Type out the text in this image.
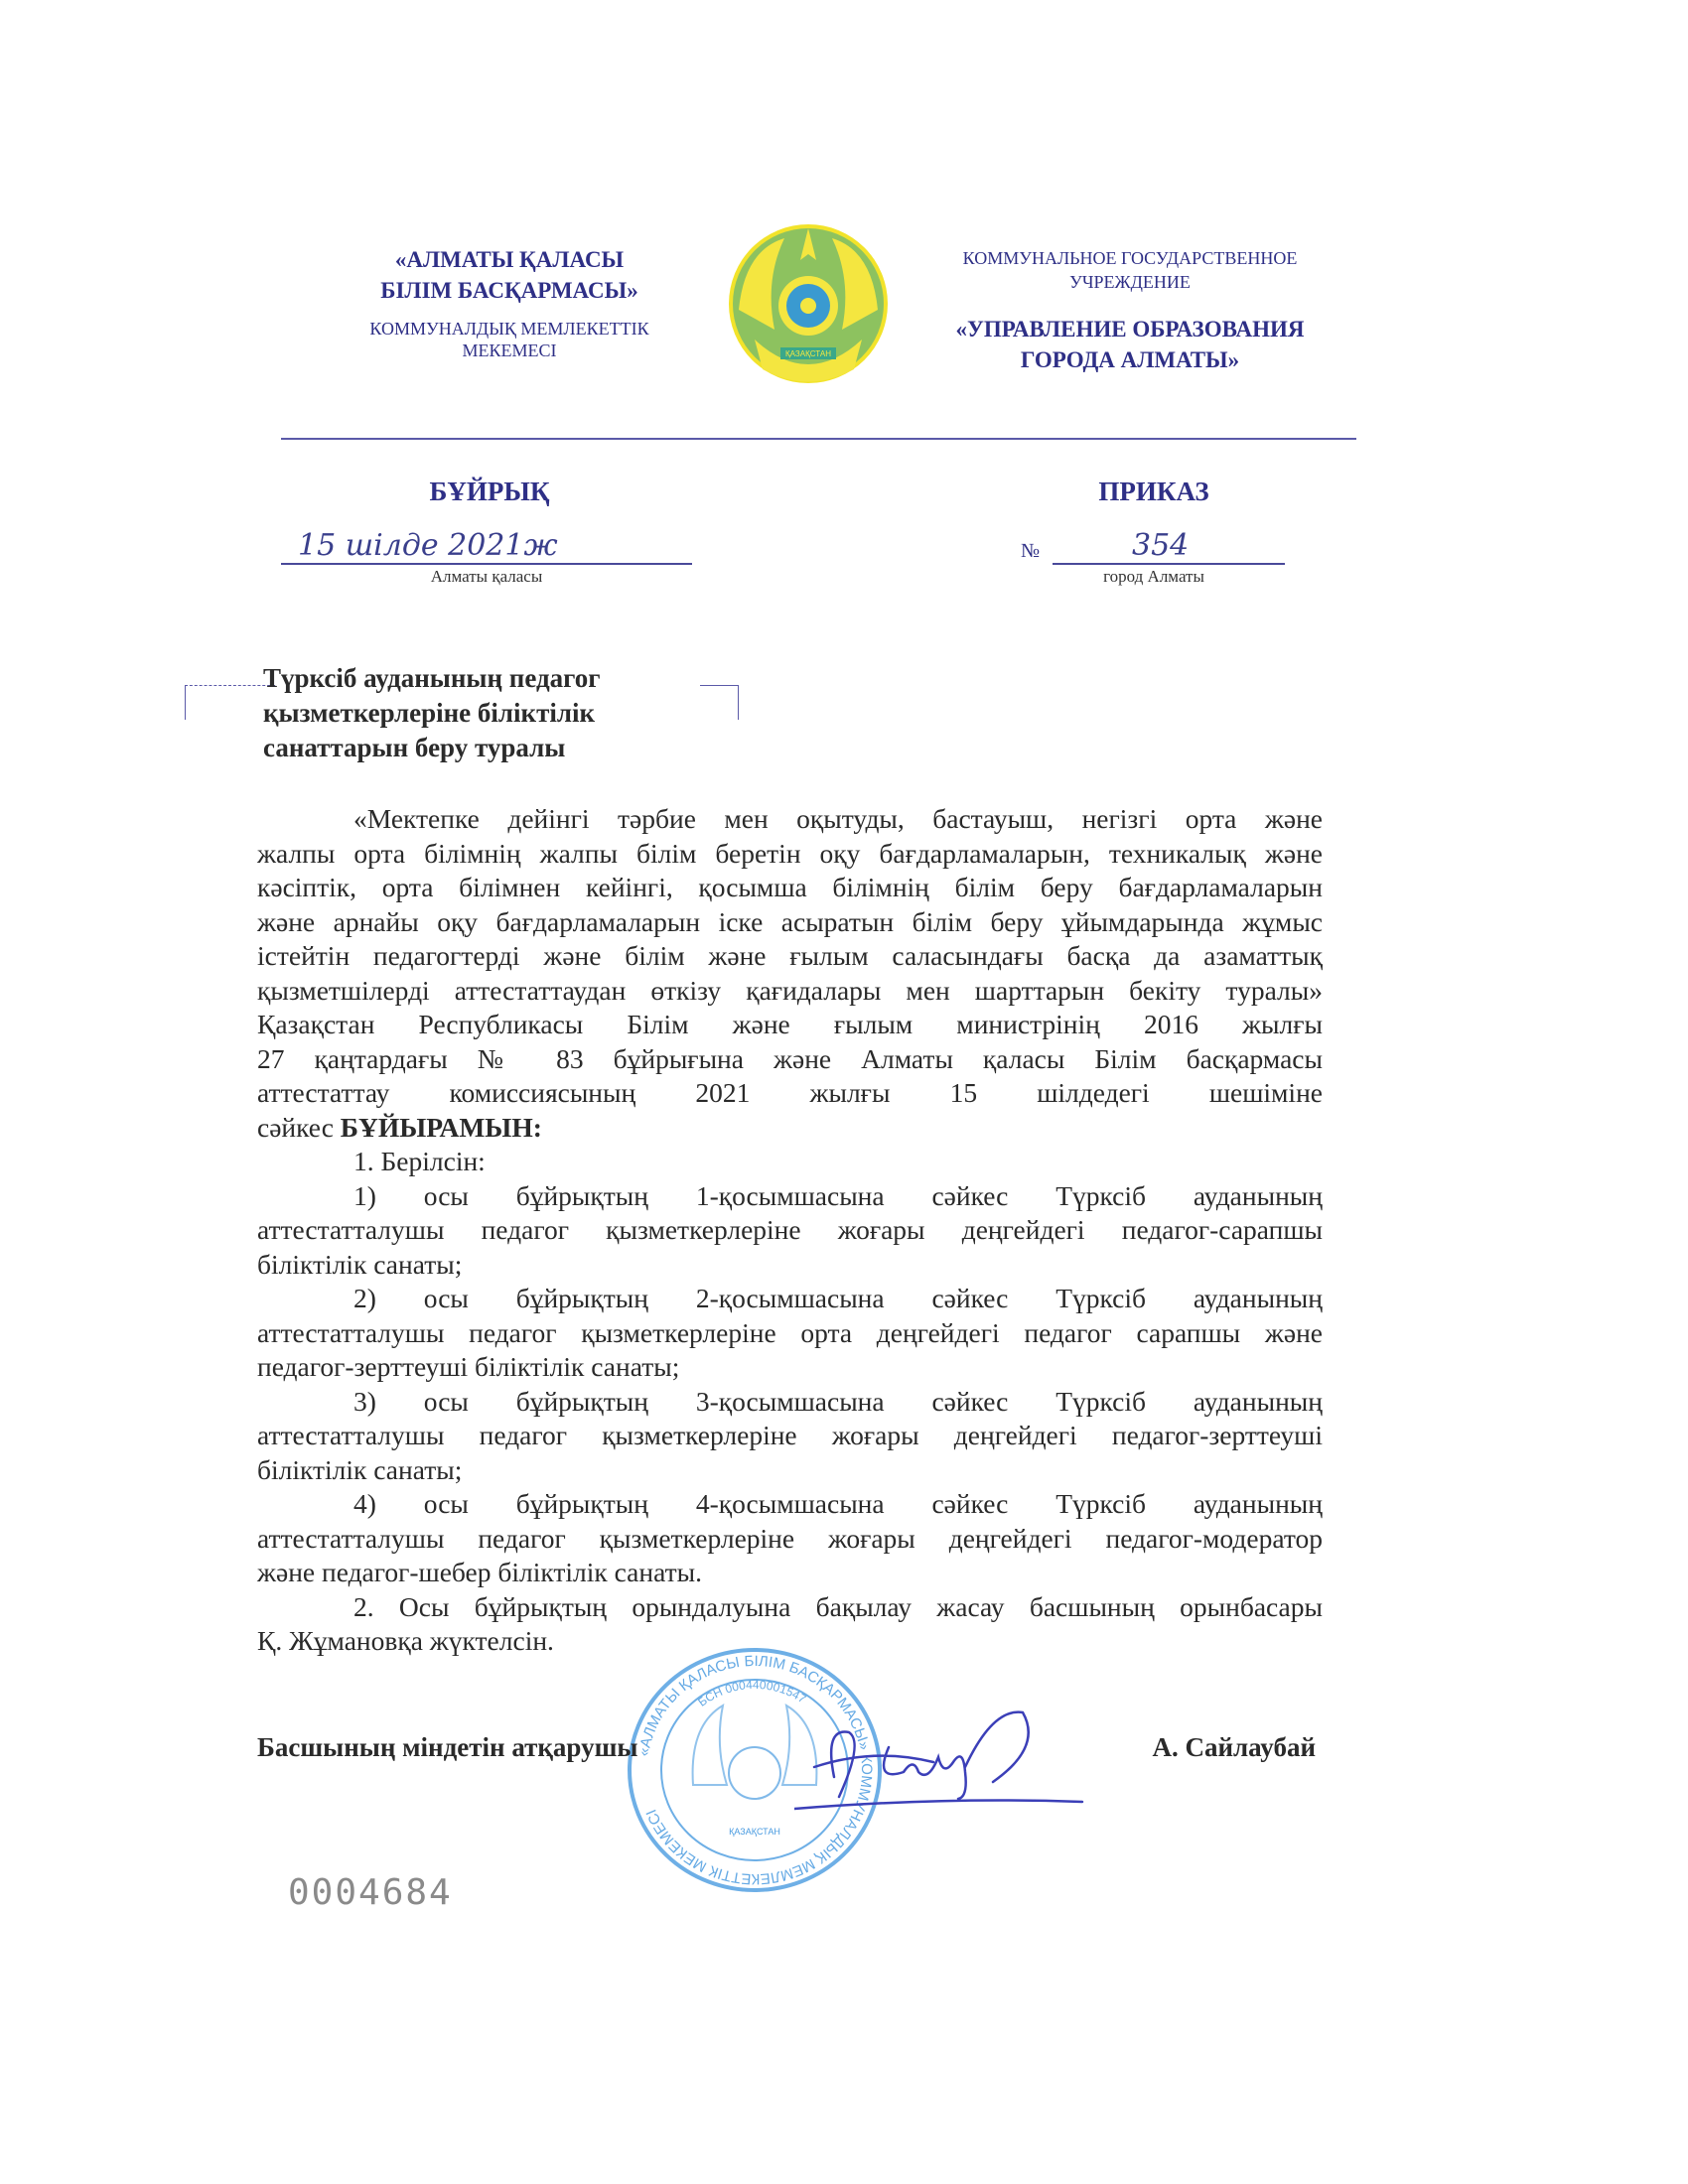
«АЛМАТЫ ҚАЛАСЫ
БІЛІМ БАСҚАРМАСЫ»
КОММУНАЛДЫҚ МЕМЛЕКЕТТІК
МЕКЕМЕСІ	ҚАЗАҚСТАН
КОММУНАЛЬНОЕ ГОСУДАРСТВЕННОЕ
УЧРЕЖДЕНИЕ
«УПРАВЛЕНИЕ ОБРАЗОВАНИЯ
ГОРОДА АЛМАТЫ»
БҰЙРЫҚ	ПРИКАЗ
15 шілде 2021ж
Алматы қаласы
№	354
город Алматы
Түрксіб ауданының педагог
қызметкерлеріне біліктілік
санаттарын беру туралы
«Мектепке дейінгі тәрбие мен оқытуды, бастауыш, негізгі орта және
жалпы орта білімнің жалпы білім беретін оқу бағдарламаларын, техникалық және
кәсіптік, орта білімнен кейінгі, қосымша білімнің білім беру бағдарламаларын
және арнайы оқу бағдарламаларын іске асыратын білім беру ұйымдарында жұмыс
істейтін педагогтерді және білім және ғылым саласындағы басқа да азаматтық
қызметшілерді аттестаттаудан өткізу қағидалары мен шарттарын бекіту туралы»
Қазақстан Республикасы Білім және ғылым министрінің 2016 жылғы
27 қаңтардағы № 83 бұйрығына және Алматы қаласы Білім басқармасы
аттестаттау комиссиясының 2021 жылғы 15 шілдедегі шешіміне
сәйкес БҰЙЫРАМЫН:
1. Берілсін:
1) осы бұйрықтың 1-қосымшасына сәйкес Түрксіб ауданының
аттестатталушы педагог қызметкерлеріне жоғары деңгейдегі педагог-сарапшы
біліктілік санаты;
2) осы бұйрықтың 2-қосымшасына сәйкес Түрксіб ауданының
аттестатталушы педагог қызметкерлеріне орта деңгейдегі педагог сарапшы және
педагог-зерттеуші біліктілік санаты;
3) осы бұйрықтың 3-қосымшасына сәйкес Түрксіб ауданының
аттестатталушы педагог қызметкерлеріне жоғары деңгейдегі педагог-зерттеуші
біліктілік санаты;
4) осы бұйрықтың 4-қосымшасына сәйкес Түрксіб ауданының
аттестатталушы педагог қызметкерлеріне жоғары деңгейдегі педагог-модератор
және педагог-шебер біліктілік санаты.
2. Осы бұйрықтың орындалуына бақылау жасау басшының орынбасары
Қ. Жұмановқа жүктелсін.
«АЛМАТЫ ҚАЛАСЫ БІЛІМ БАСҚАРМАСЫ» КОММУНАЛДЫҚ МЕМЛЕКЕТТІК МЕКЕМЕСІ
БСН 000440001547
ҚАЗАҚСТАН
Басшының міндетін атқарушы	А. Сайлаубай
0004684
